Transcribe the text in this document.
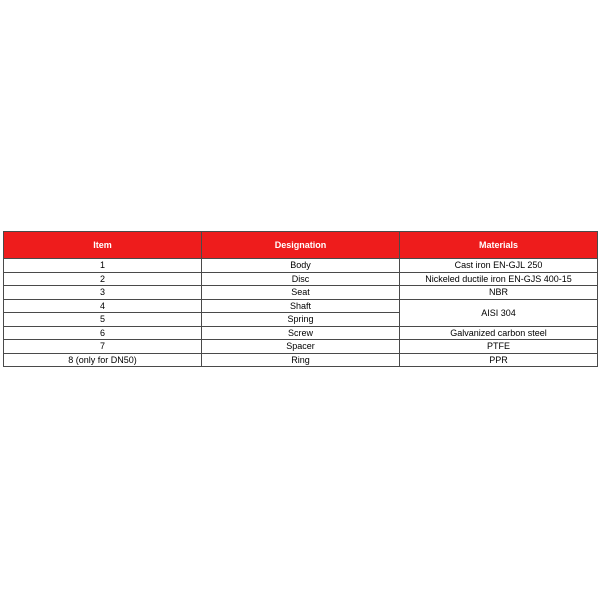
Item	Designation	Materials
1	Body	Cast iron EN-GJL 250
2	Disc	Nickeled ductile iron EN-GJS 400-15
3	Seat	NBR
4	Shaft	AISI 304
5	Spring	
6	Screw	Galvanized carbon steel
7	Spacer	PTFE
8 (only for DN50)	Ring	PPR
